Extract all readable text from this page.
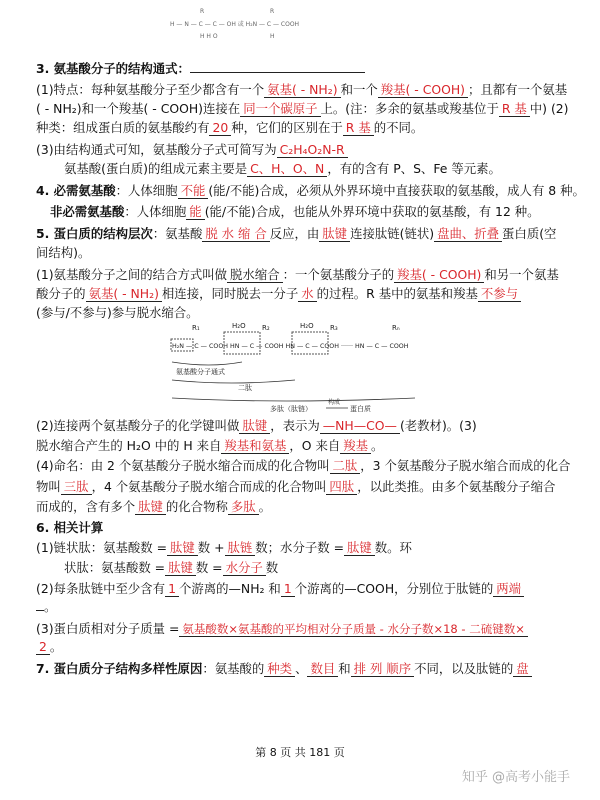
R	R
H — N — C — C — OH 或 H₂N — C — COOH
H H O	H
3. 氨基酸分子的结构通式：
(1)特点：每种氨基酸分子至少都含有一个 氨基( - NH₂) 和一个 羧基( - COOH) ；且都有一个氨基
( - NH₂)和一个羧基( - COOH)连接在 同一个碳原子 上。(注：多余的氨基或羧基位于 R 基 中) (2)
种类：组成蛋白质的氨基酸约有 20 种，它们的区别在于 R 基 的不同。
(3)由结构通式可知，氨基酸分子式可简写为 C₂H₄O₂N-R
氨基酸(蛋白质)的组成元素主要是 C、H、O、N ，有的含有 P、S、Fe 等元素。
4. 必需氨基酸：人体细胞 不能 (能/不能)合成，必须从外界环境中直接获取的氨基酸，成人有 8 种。
非必需氨基酸：人体细胞 能 (能/不能)合成，也能从外界环境中获取的氨基酸，有 12 种。
5. 蛋白质的结构层次：氨基酸 脱 水 缩 合 反应，由 肽键 连接肽链(链状) 盘曲、折叠 蛋白质(空
间结构)。
(1)氨基酸分子之间的结合方式叫做 脱水缩合 ：一个氨基酸分子的 羧基( - COOH) 和另一个氨基
酸分子的 氨基( - NH₂) 相连接，同时脱去一分子 水 的过程。R 基中的氨基和羧基 不参与
(参与/不参与)参与脱水缩合。
R₁	H₂O R₂	H₂O R₃	Rₙ
H₂N — C — COOH HN — C — COOH HN — C — COOH ······ HN — C — COOH
氨基酸分子通式
二肽
多肽（肽链）
构成
蛋白质
(2)连接两个氨基酸分子的化学键叫做 肽键 ，表示为 —NH—CO— (老教材)。(3)
脱水缩合产生的 H₂O 中的 H 来自 羧基和氨基 ，O 来自 羧基 。
(4)命名：由 2 个氨基酸分子脱水缩合而成的化合物叫 二肽 ，3 个氨基酸分子脱水缩合而成的化合
物叫 三肽 ，4 个氨基酸分子脱水缩合而成的化合物叫 四肽 ，以此类推。由多个氨基酸分子缩合
而成的，含有多个 肽键 的化合物称 多肽 。
6. 相关计算
(1)链状肽：氨基酸数 = 肽键 数 + 肽链 数；水分子数 = 肽键 数。环
状肽：氨基酸数 = 肽键 数 = 水分子 数
(2)每条肽链中至少含有 1 个游离的—NH₂ 和 1 个游离的—COOH，分别位于肽链的 两端
。
(3)蛋白质相对分子质量 = 氨基酸数×氨基酸的平均相对分子质量 - 水分子数×18 - 二硫键数×
2 。
7. 蛋白质分子结构多样性原因：氨基酸的 种类 、 数目 和 排 列 顺序 不同，以及肽链的 盘
第 8 页 共 181 页
知乎 @高考小能手
